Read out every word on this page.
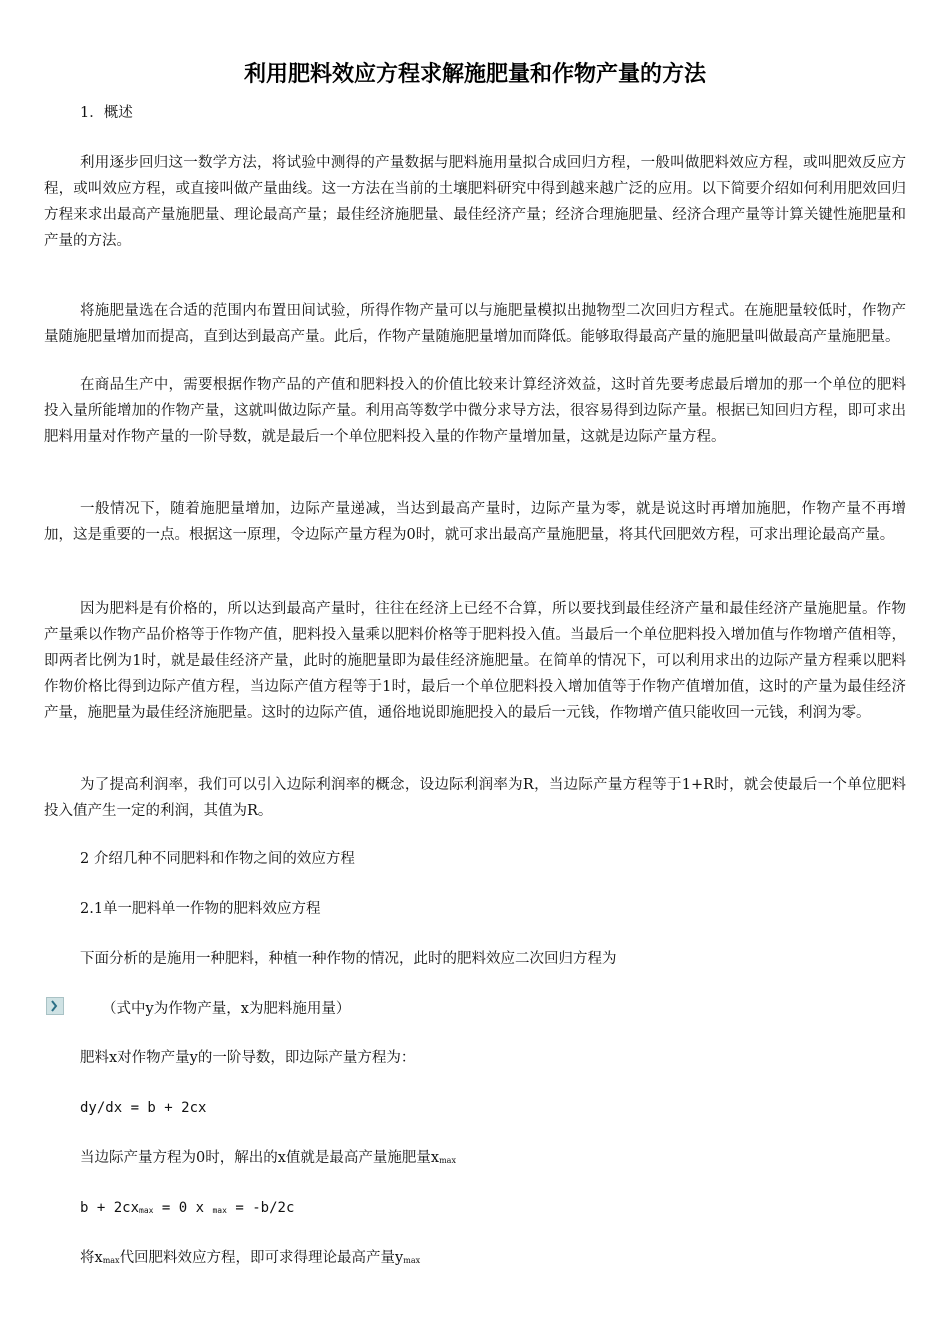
利用肥料效应方程求解施肥量和作物产量的方法
1．概述

利用逐步回归这一数学方法，将试验中测得的产量数据与肥料施用量拟合成回归方程，一般叫做肥料效应方程，或叫肥效反应方程，或叫效应方程，或直接叫做产量曲线。这一方法在当前的土壤肥料研究中得到越来越广泛的应用。以下简要介绍如何利用肥效回归方程来求出最高产量施肥量、理论最高产量；最佳经济施肥量、最佳经济产量；经济合理施肥量、经济合理产量等计算关键性施肥量和产量的方法。

将施肥量选在合适的范围内布置田间试验，所得作物产量可以与施肥量模拟出抛物型二次回归方程式。在施肥量较低时，作物产量随施肥量增加而提高，直到达到最高产量。此后，作物产量随施肥量增加而降低。能够取得最高产量的施肥量叫做最高产量施肥量。

在商品生产中，需要根据作物产品的产值和肥料投入的价值比较来计算经济效益，这时首先要考虑最后增加的那一个单位的肥料投入量所能增加的作物产量，这就叫做边际产量。利用高等数学中微分求导方法，很容易得到边际产量。根据已知回归方程，即可求出肥料用量对作物产量的一阶导数，就是最后一个单位肥料投入量的作物产量增加量，这就是边际产量方程。

一般情况下，随着施肥量增加，边际产量递减，当达到最高产量时，边际产量为零，就是说这时再增加施肥，作物产量不再增加，这是重要的一点。根据这一原理，令边际产量方程为0时，就可求出最高产量施肥量，将其代回肥效方程，可求出理论最高产量。

因为肥料是有价格的，所以达到最高产量时，往往在经济上已经不合算，所以要找到最佳经济产量和最佳经济产量施肥量。作物产量乘以作物产品价格等于作物产值，肥料投入量乘以肥料价格等于肥料投入值。当最后一个单位肥料投入增加值与作物增产值相等，即两者比例为1时，就是最佳经济产量，此时的施肥量即为最佳经济施肥量。在简单的情况下，可以利用求出的边际产量方程乘以肥料作物价格比得到边际产值方程，当边际产值方程等于1时，最后一个单位肥料投入增加值等于作物产值增加值，这时的产量为最佳经济产量，施肥量为最佳经济施肥量。这时的边际产值，通俗地说即施肥投入的最后一元钱，作物增产值只能收回一元钱，利润为零。

为了提高利润率，我们可以引入边际利润率的概念，设边际利润率为R，当边际产量方程等于1+R时，就会使最后一个单位肥料投入值产生一定的利润，其值为R。

2 介绍几种不同肥料和作物之间的效应方程
2.1单一肥料单一作物的肥料效应方程
下面分析的是施用一种肥料，种植一种作物的情况，此时的肥料效应二次回归方程为
（式中y为作物产量，x为肥料施用量）
肥料x对作物产量y的一阶导数，即边际产量方程为：
dy/dx = b + 2cx
当边际产量方程为0时，解出的x值就是最高产量施肥量$x_{max}$
$b + 2cx_{max} = 0$ x $_{max}$ = -b/2c
将$x_{max}$代回肥料效应方程，即可求得理论最高产量$y_{max}$
